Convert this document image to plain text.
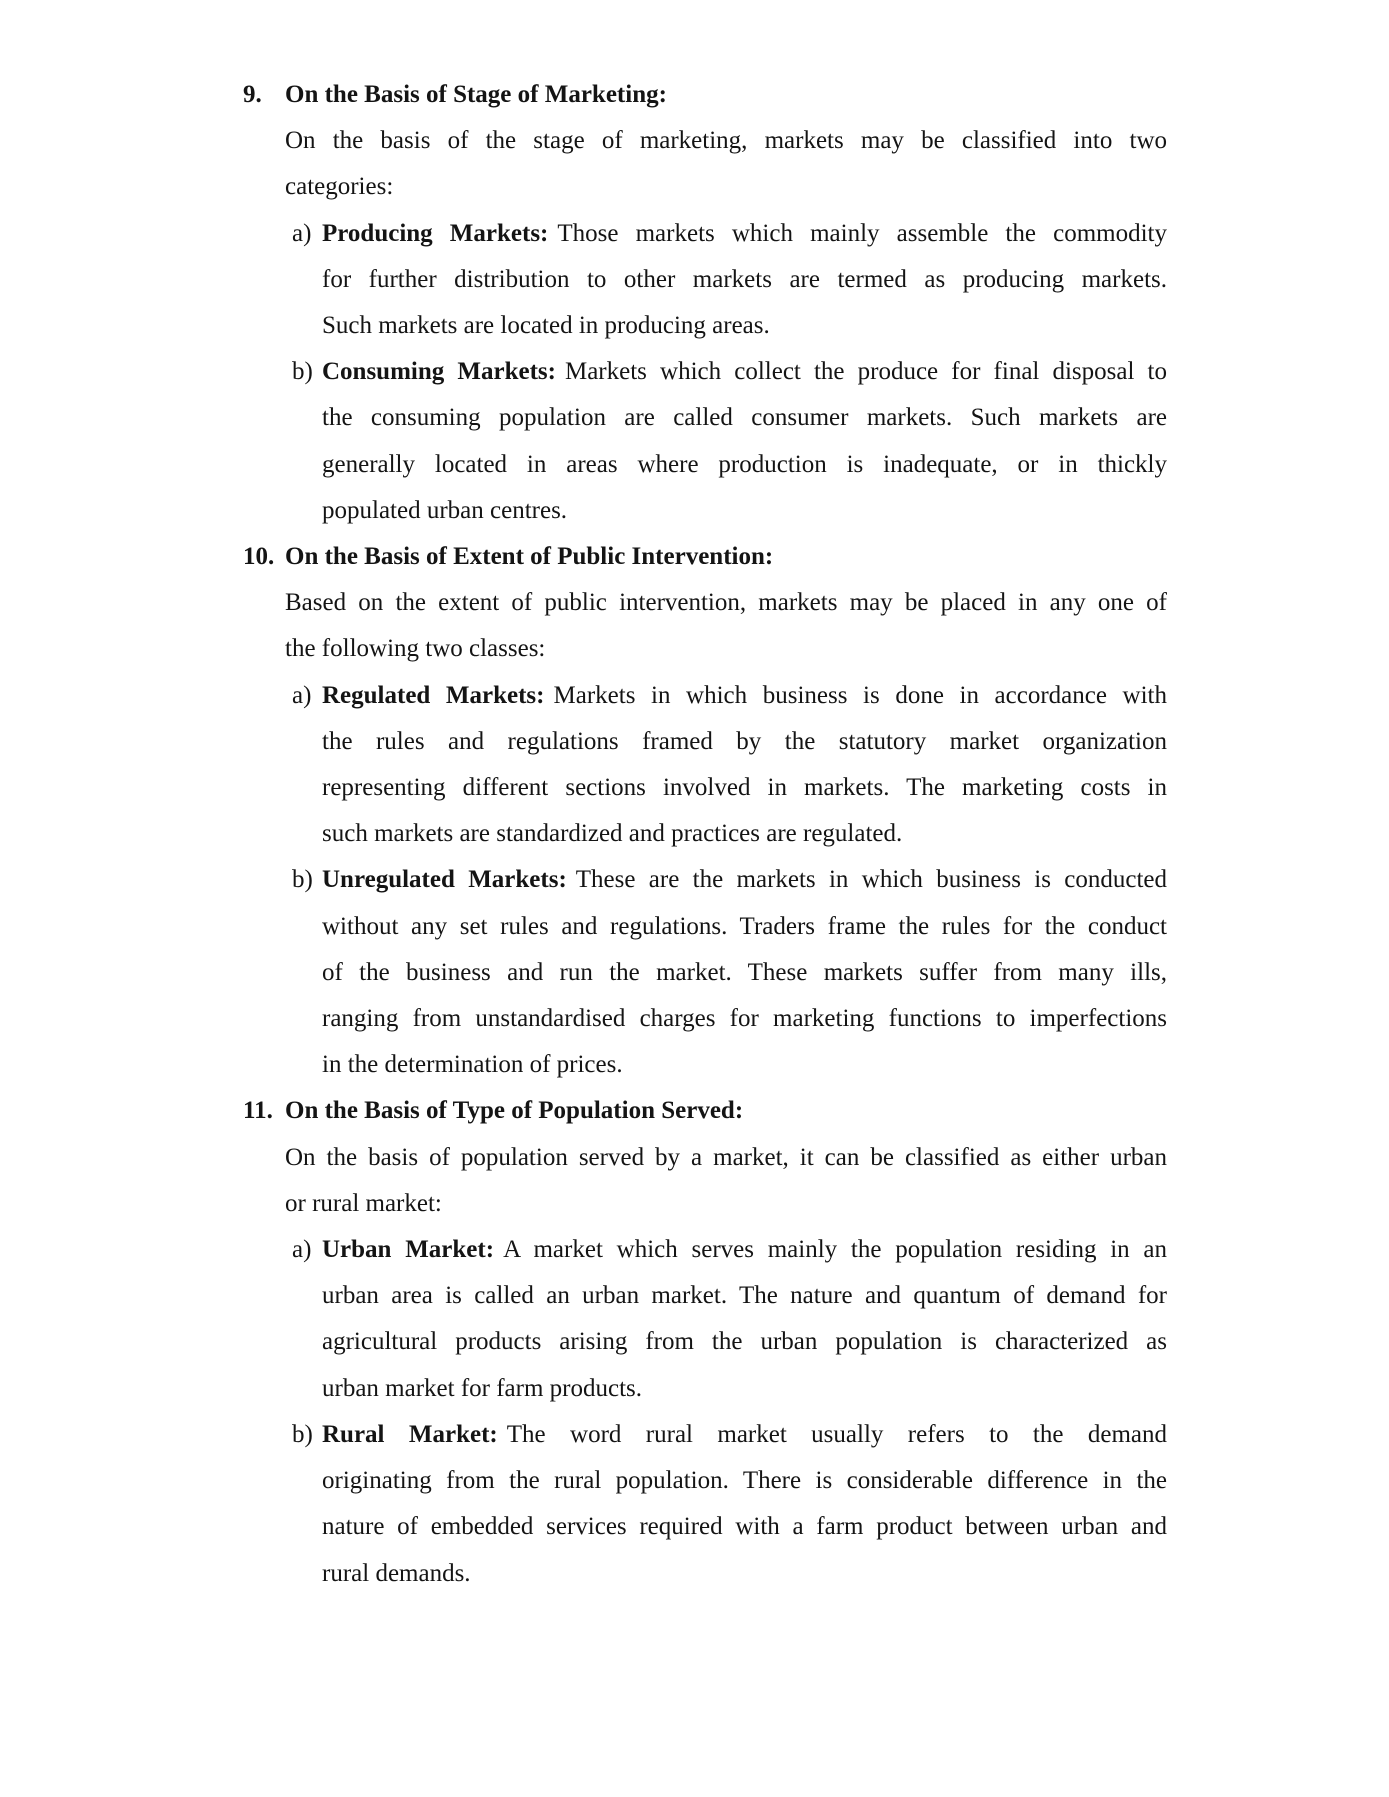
9. On the Basis of Stage of Marketing:
On the basis of the stage of marketing, markets may be classified into two
categories:
a) Producing Markets: Those markets which mainly assemble the commodity
for further distribution to other markets are termed as producing markets.
Such markets are located in producing areas.
b) Consuming Markets: Markets which collect the produce for final disposal to
the consuming population are called consumer markets. Such markets are
generally located in areas where production is inadequate, or in thickly
populated urban centres.
10. On the Basis of Extent of Public Intervention:
Based on the extent of public intervention, markets may be placed in any one of
the following two classes:
a) Regulated Markets: Markets in which business is done in accordance with
the rules and regulations framed by the statutory market organization
representing different sections involved in markets. The marketing costs in
such markets are standardized and practices are regulated.
b) Unregulated Markets: These are the markets in which business is conducted
without any set rules and regulations. Traders frame the rules for the conduct
of the business and run the market. These markets suffer from many ills,
ranging from unstandardised charges for marketing functions to imperfections
in the determination of prices.
11. On the Basis of Type of Population Served:
On the basis of population served by a market, it can be classified as either urban
or rural market:
a) Urban Market: A market which serves mainly the population residing in an
urban area is called an urban market. The nature and quantum of demand for
agricultural products arising from the urban population is characterized as
urban market for farm products.
b) Rural Market: The word rural market usually refers to the demand
originating from the rural population. There is considerable difference in the
nature of embedded services required with a farm product between urban and
rural demands.
